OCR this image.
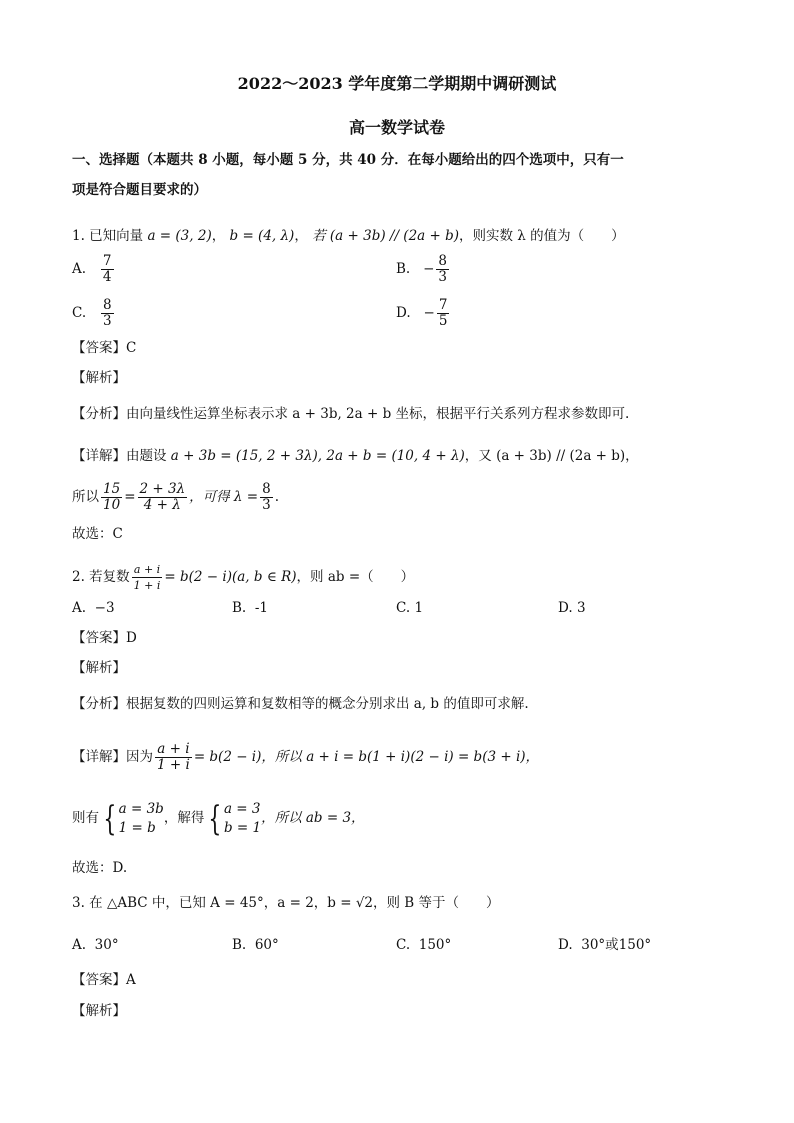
2022～2023 学年度第二学期期中调研测试
高一数学试卷
一、选择题（本题共 8 小题，每小题 5 分，共 40 分．在每小题给出的四个选项中，只有一
项是符合题目要求的）
1. 已知向量 a = (3, 2)， b = (4, λ)， 若 (a + 3b) // (2a + b)，则实数 λ 的值为（　　）
A. $\frac{7}{4}$	B. − $\frac{8}{3}$
C. $\frac{8}{3}$	D. − $\frac{7}{5}$
【答案】C
【解析】
【分析】由向量线性运算坐标表示求 a + 3b, 2a + b 坐标，根据平行关系列方程求参数即可.
【详解】由题设 a + 3b = (15, 2 + 3λ), 2a + b = (10, 4 + λ)，又 (a + 3b) // (2a + b)，
所以 $\frac{15}{10} = \frac{2 + 3\lambda}{4 + \lambda}$ ，可得 $\lambda = \frac{8}{3}$ .
故选：C
2. 若复数 $\frac{a + i}{1 + i} = b(2 - i)(a$, b ∈ R)，则 ab =（　　）
A. −3	B. -1	C. 1	D. 3
【答案】D
【解析】
【分析】根据复数的四则运算和复数相等的概念分别求出 a, b 的值即可求解.
【详解】因为 $\frac{a + i}{1 + i} = b(2 - i)$，所以 a + i = b(1 + i)(2 − i) = b(3 + i)，
则有 { a = 3b
1 = b，解得 { a = 3
b = 1，所以 ab = 3，
故选：D.
3. 在 △ABC 中，已知 A = 45°，a = 2，b = √2，则 B 等于（　　）
A. 30°	B. 60°	C. 150°	D. 30°或150°
【答案】A
【解析】
